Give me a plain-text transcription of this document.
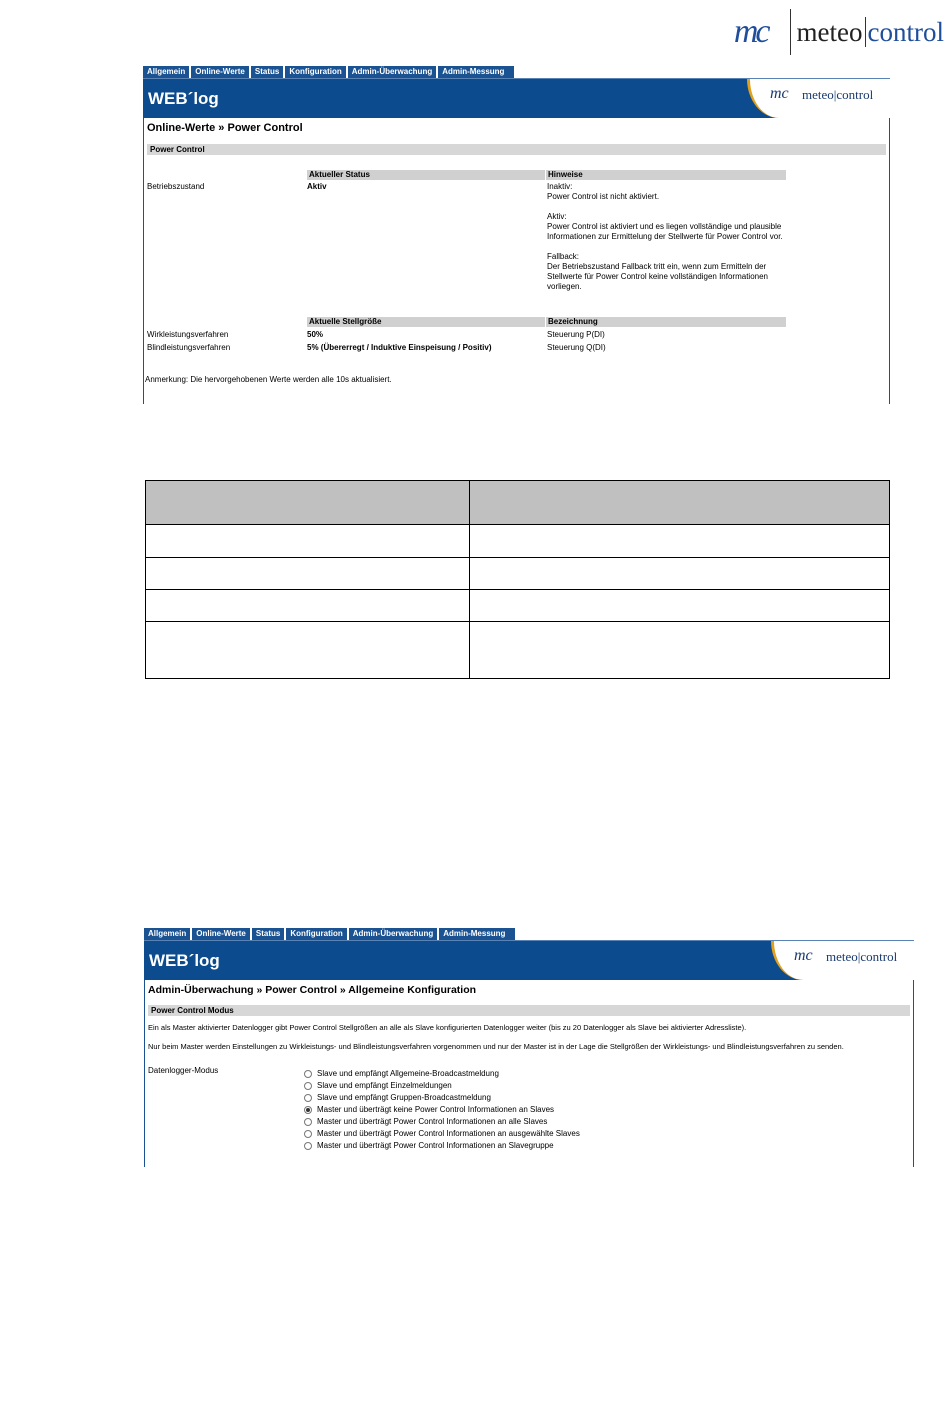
mc meteo control
Allgemein	Online-Werte	Status	Konfiguration	Admin-Überwachung	Admin-Messung
WEB´log	mc meteo|control
Online-Werte » Power Control
Power Control
Aktueller Status	Hinweise
Betriebszustand	Aktiv	Inaktiv:
Power Control ist nicht aktiviert.
Aktiv:
Power Control ist aktiviert und es liegen vollständige und plausible Informationen zur Ermittelung der Stellwerte für Power Control vor.
Fallback:
Der Betriebszustand Fallback tritt ein, wenn zum Ermitteln der Stellwerte für Power Control keine vollständigen Informationen vorliegen.
Aktuelle Stellgröße	Bezeichnung
Wirkleistungsverfahren	50%	Steuerung P(DI)
Blindleistungsverfahren	5% (Übererregt / Induktive Einspeisung / Positiv)	Steuerung Q(DI)
Anmerkung: Die hervorgehobenen Werte werden alle 10s aktualisiert.

Allgemein	Online-Werte	Status	Konfiguration	Admin-Überwachung	Admin-Messung
WEB´log	mc meteo|control
Admin-Überwachung » Power Control » Allgemeine Konfiguration
Power Control Modus
Ein als Master aktivierter Datenlogger gibt Power Control Stellgrößen an alle als Slave konfigurierten Datenlogger weiter (bis zu 20 Datenlogger als Slave bei aktivierter Adressliste).
Nur beim Master werden Einstellungen zu Wirkleistungs- und Blindleistungsverfahren vorgenommen und nur der Master ist in der Lage die Stellgrößen der Wirkleistungs- und Blindleistungsverfahren zu senden.
Datenlogger-Modus	Slave und empfängt Allgemeine-Broadcastmeldung
Slave und empfängt Einzelmeldungen
Slave und empfängt Gruppen-Broadcastmeldung
Master und überträgt keine Power Control Informationen an Slaves
Master und überträgt Power Control Informationen an alle Slaves
Master und überträgt Power Control Informationen an ausgewählte Slaves
Master und überträgt Power Control Informationen an Slavegruppe
